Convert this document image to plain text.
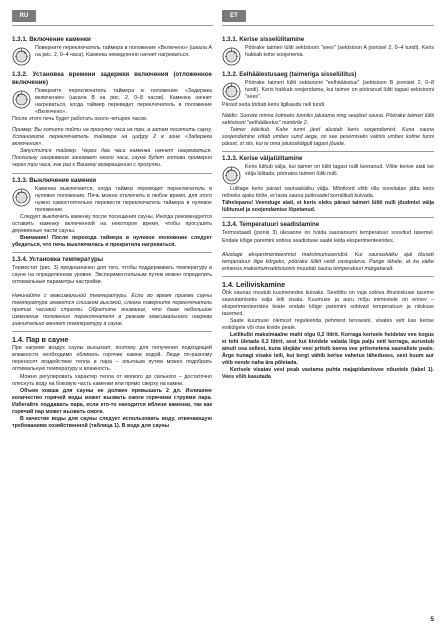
RU	ET

1.3.1. Включение каменки

Поверните переключатель таймера в положение «Включено» (шкала А на рис. 2, 0–4 часа). Каменка немедленно начнет нагреваться.

1.3.2. Установка времени задержки включения (отложенное включение)

Поверните переключатель таймера в положение «Задержка включения» (шкала В на рис. 2, 0–8 часов). Каменка начнет нагреваться, когда таймер переведет переключатель в положение «Включено».

После этого печь будет работать около четырех часов.

Пример: Вы хотите пойти на прогулку часа на три, а затем посетить сауну. Установите переключатель таймера на цифру 2 в зоне «Задержка включения».

Запустится таймер. Через два часа каменка начнет нагреваться. Поскольку нагревание занимает около часа, сауна будет готова примерно через три часа, как раз к Вашему возвращению с прогулки.

1.3.3. Выключение каменки

Каменка выключается, когда таймер переводит переключатель в нулевое положение. Печь можно отключить в любое время, для этого нужно самостоятельно перевести переключатель таймера в нулевое положение.

Следует выключить каменку после посещения сауны. Иногда рекомендуется оставить каменку включенной на некоторое время, чтобы просушить деревянные части сауны.

Внимание! После перехода таймера в нулевое положение следует убедиться, что печь выключилась и прекратила нагреваться.

1.3.4. Установка температуры

Термостат (рис. 3) предназначен для того, чтобы поддерживать температуру в сауне на определенном уровне. Экспериментальным путем можно определить оптимальные параметры настройки.

Начинайте с максимальной температуры. Если во время приема сауны температура окажется слишком высокой, слегка поверните переключатель против часовой стрелки. Обратите внимание, что даже небольшое изменение положения переключателя в режиме максимального нагрева значительно меняет температуру в сауне.

1.4. Пар в сауне

При нагреве воздух сауны высыхает, поэтому для получения подходящей влажности необходимо обливать горячие камни водой. Люди по-разному переносят воздействие тепла и пара – опытным путем можно подобрать оптимальную температуру и влажность.

Можно регулировать характер тепла от мягкого до сильного – достаточно плеснуть воду на боковую часть каменки или прямо сверху на камни.

Объем ковша для сауны не должен превышать 2 дл. Излишнее количество горячей воды может вызвать ожоги горячими струями пара. Избегайте поддавать пара, если кто-то находится вблизи каменки, так как горячий пар может вызвать ожоги.

В качестве воды для сауны следует использовать воду, отвечающую требованиям хозяйственной (таблица 1). В воде для сауны

1.3.1. Kerise sisselülitamine

Pöörake taimeri lüliti sektsiooni "sees" (sektsioon A joonisel 2, 0–4 tundi). Keris hakkab kohe soojenema.

1.3.2. Eelhäälestusaeg (taimeriga sisselülitus)

Pöörake taimeri lüliti sektsiooni "eelhäälestus" (sektsioon B joonisel 2, 0–8 tundi). Keris hakkab soojendama, kui taimer on pööranud lüliti tagasi sektsiooni "sees".

Pärast seda töötab keris ligikaudu neli tundi.

Näidis: Soovite minna kolmeks tunniks jalutama ning seejärel sauna. Pöörake taimeri lüliti sektsiooni "eelhäälestus" numbrile 2.

Taimer käivitub. Kahe tunni järel alustab keris soojendamist. Kuna sauna soojendamine võtab umbes sund aega, on see pesemiseks valmis umbes kolme tunni pärast, st siis, kui te oma jalutuskäigult tagasi jõuate.

1.3.3. Kerise väljalülitamine

Keris lülitub välja, kui taimer on lüliti tagasi nulli keeranud. Võite kerise alati ise välja lülitada, pöörates taimeri lüliti nulli.

Lülitage keris pärast saunaskäiku välja. Mõnikord võib olla soovitatav jätta keris mõneks ajaks tööle, et lasta sauna puitosadel korralikult kuivada.

Tähelepanu! Veenduge alati, et keris oleks pärast taimeri lüliti nulli jõudmist välja lülitunud ja soojendamise lõpetanud.

1.3.4. Temperatuuri seadistamine

Termostaadi (joonis 3) ülesanne on hoida saunaruumi temperatuur soovitud tasemel. Endale kõige paremini sobiva seadistuse saate leida eksperimenteerides.

Alustage eksperimenteerimist maksimumasendist. Kui saunaskäiku ajal tõuseb temperatuur liiga kõrgeks, pöörake lülitit veidi vastupäeva. Pange tähele, et ka väike erinevus maksimumsektsioonis muudab sauna temperatuuri märgatavalt.

1.4. Leiliviskamine

Õhk saunas muutub kuumenedes kuivaks. Seetõttu on vaja sobiva õhuniiskuse taseme saavutamiseks valja leili visata. Kuumuse ja auru mõju inimestele on erinev – eksperimenteerides leiate endale kõige paremini sobivad temperatuuri ja niiskuse tasemed.

Saate kuumuse olemust reguleerida pehmest tervavani, visates vett kas kerise esikülgele või otse kivide peale.

Leilikulbi maksimaalne maht olgu 0,2 liitrit. Korraga kerisele heidetav vee kogus ei tohi ületada 0,2 liitrit, sest kui kividele valada liiga palju vett korraga, aurustub ainult osa sellest, kuna ülejääv vesi pritsib keeva vee pritsmetena saunaliste peale. Ärge kunagi visake leili, kui kergi vähib kerise vahetus läheduses, sest kuum aur võib nende naha ära põletada.

Kerisele visatav vesi peab vastama puhta majapidamisvee nõuetele (tabel 1). Vees võib kasutada

5
